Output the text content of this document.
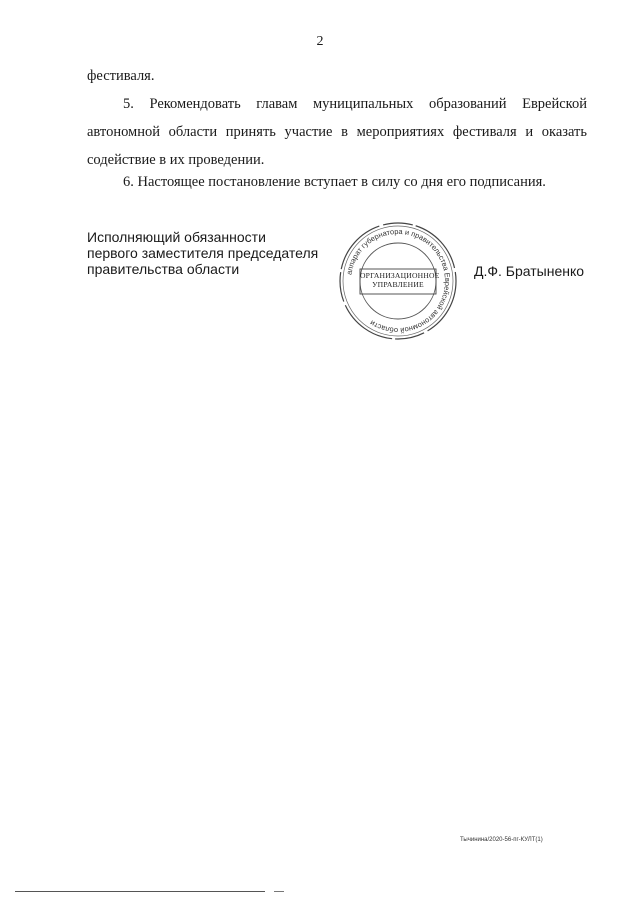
2
фестиваля.
5. Рекомендовать главам муниципальных образований Еврейской автономной области принять участие в мероприятиях фестиваля и оказать содействие в их проведении.
6. Настоящее постановление вступает в силу со дня его подписания.
Исполняющий обязанности
первого заместителя председателя
правительства области	аппарат губернатора и правительства Еврейской автономной области
ОРГАНИЗАЦИОННОЕ
УПРАВЛЕНИЕ
Д.Ф. Братыненко
Тычинина/2020-56-пг-КУЛТ(1)
